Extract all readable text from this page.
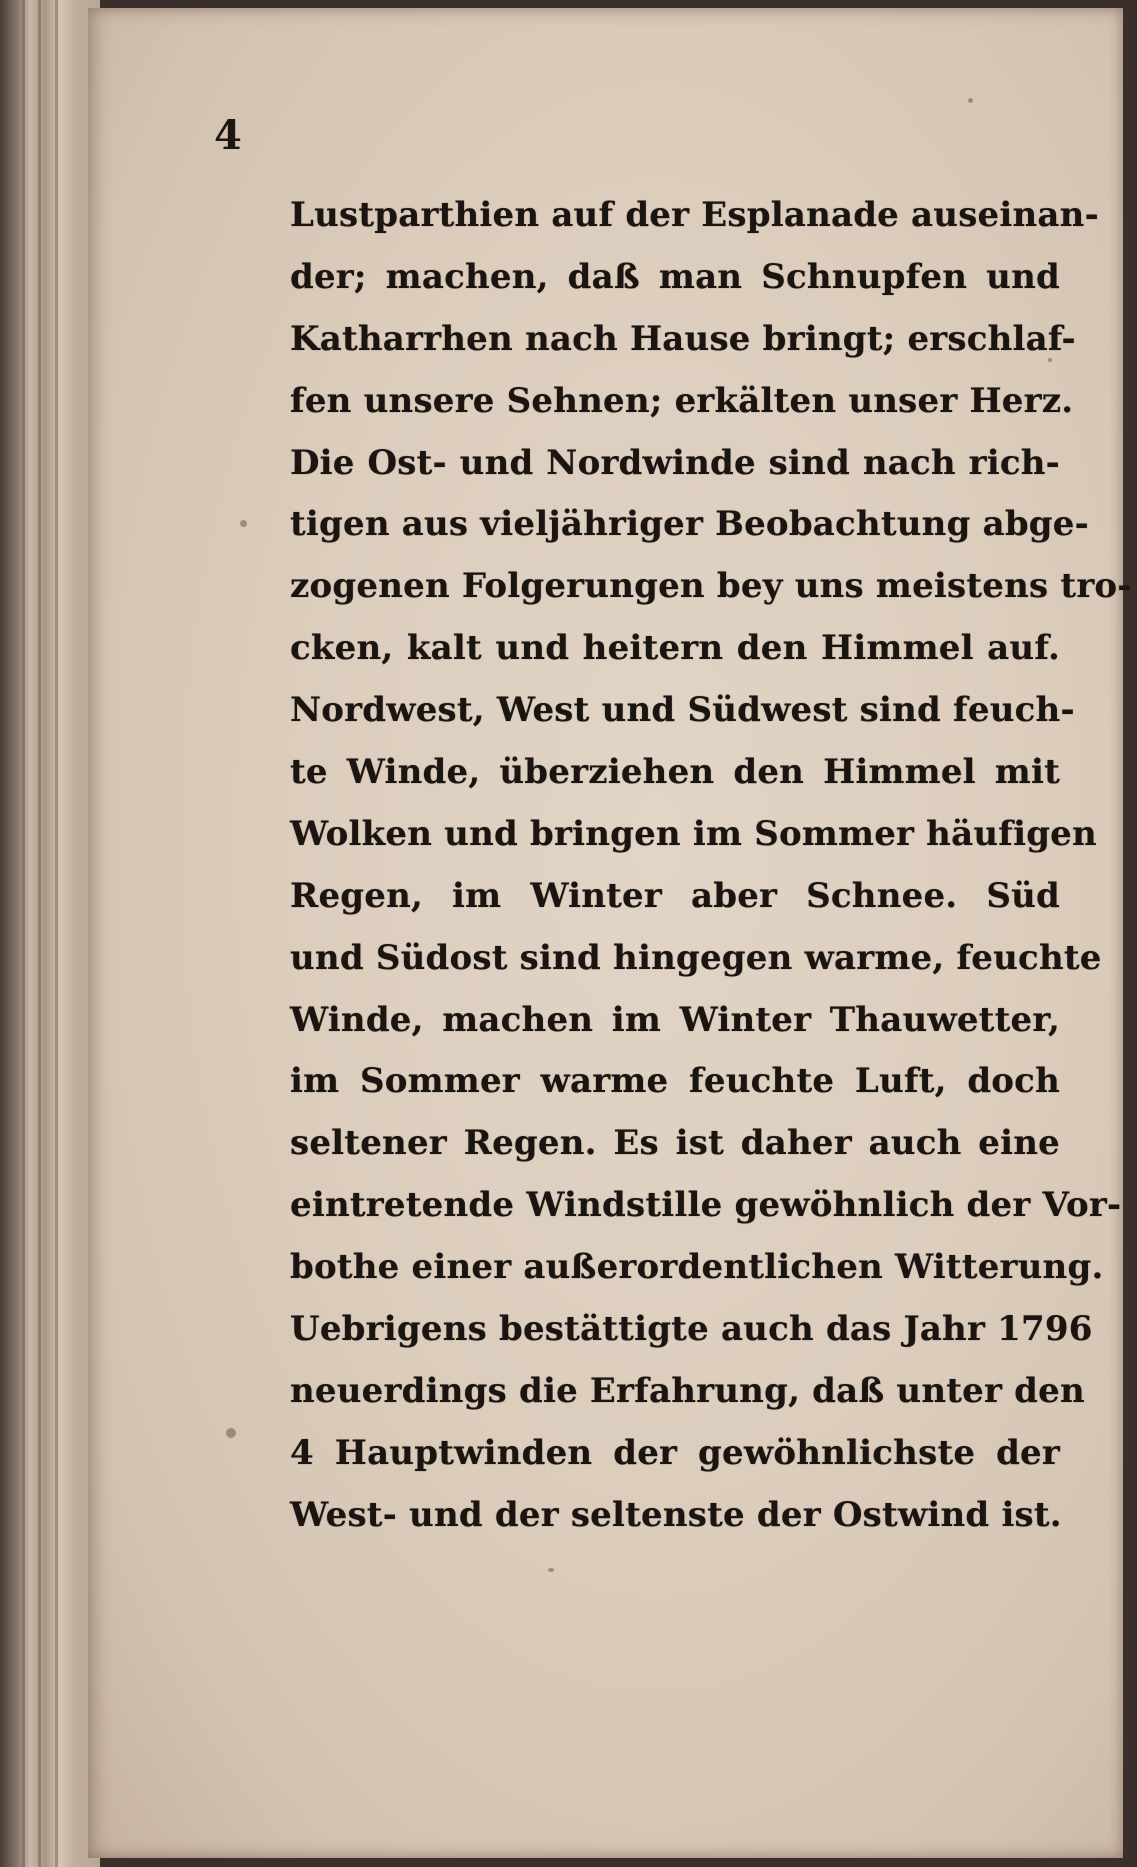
4
Lustparthien auf der Esplanade auseinan-
der; machen, daß man Schnupfen und
Katharrhen nach Hause bringt; erschlaf-
fen unsere Sehnen; erkälten unser Herz.
Die Ost- und Nordwinde sind nach rich-
tigen aus vieljähriger Beobachtung abge-
zogenen Folgerungen bey uns meistens tro-
cken, kalt und heitern den Himmel auf.
Nordwest, West und Südwest sind feuch-
te Winde, überziehen den Himmel mit
Wolken und bringen im Sommer häufigen
Regen, im Winter aber Schnee. Süd
und Südost sind hingegen warme, feuchte
Winde, machen im Winter Thauwetter,
im Sommer warme feuchte Luft, doch
seltener Regen. Es ist daher auch eine
eintretende Windstille gewöhnlich der Vor-
bothe einer außerordentlichen Witterung.
Uebrigens bestättigte auch das Jahr 1796
neuerdings die Erfahrung, daß unter den
4 Hauptwinden der gewöhnlichste der
West- und der seltenste der Ostwind ist.
